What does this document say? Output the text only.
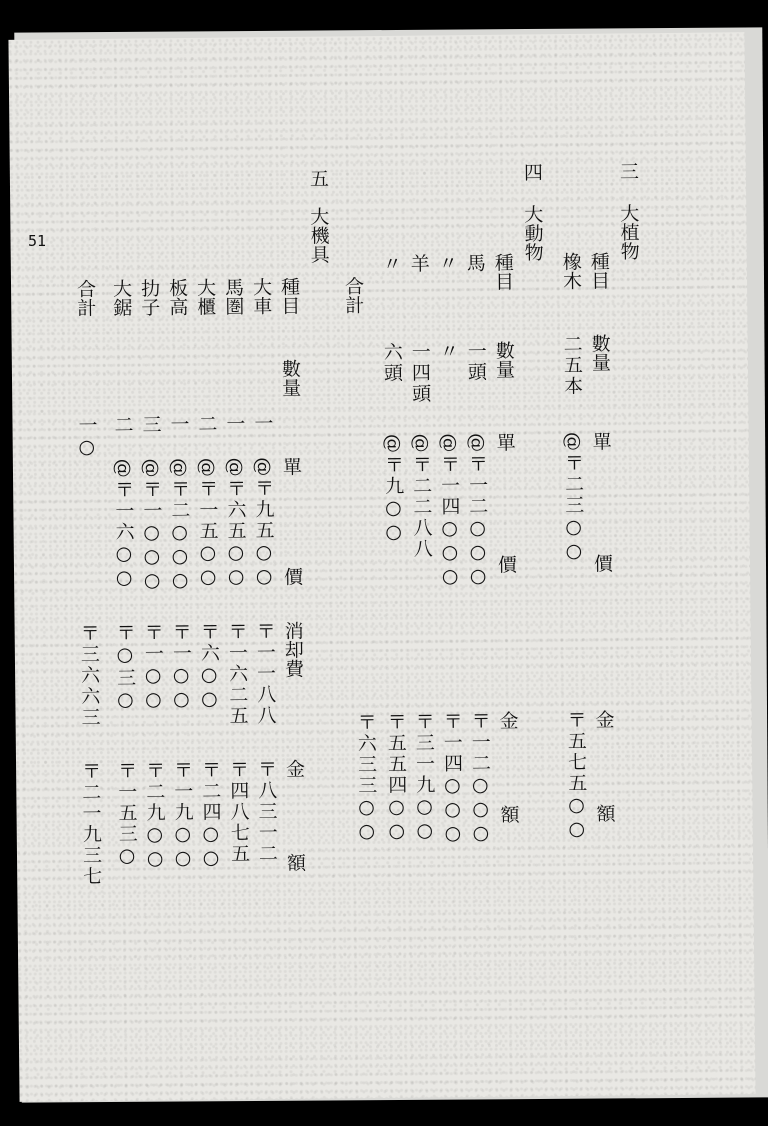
三
大植物
種目
數量
單
價
金
額
橡木
二五本
@〒二三○○
〒五七五○○
四
大動物
種目
數量
單
價
金
額
馬
一頭
@〒一二○○○
〒一二○○○
〃
〃
@〒一四○○○
〒一四○○○
羊
一四頭
@〒二二八八
〒三一九○○
〃
六頭
@〒九○○
〒五五四○○
合計
〒六三三○○
五
大機具
種目
數量
單
價
消却費
金
額
大車
一
@〒九五○○
〒一一八八
〒八三一二
馬圏
一
@〒六五○○
〒一六二五
〒四八七五
大櫃
二
@〒一五○○
〒六○○
〒二四○○
板高
一
@〒二○○○
〒一○○
〒一九○○
扐子
三
@〒一○○○
〒一○○
〒二九○○
大鋸
二
@〒一六○○
〒○三○
〒一五三○
合計
一○
〒三六六三
〒二一九三七
51
